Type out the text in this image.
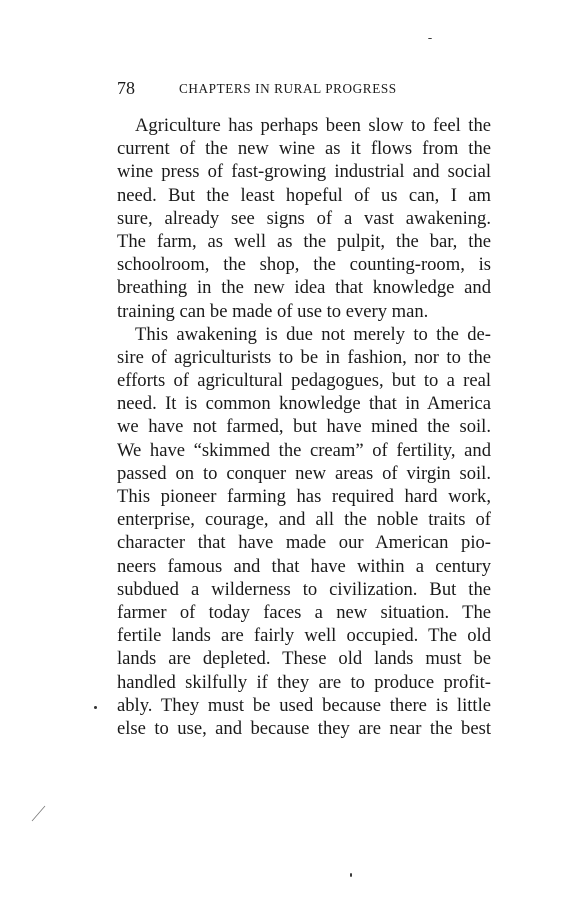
78	CHAPTERS IN RURAL PROGRESS
Agriculture has perhaps been slow to feel the
current of the new wine as it flows from the
wine press of fast-growing industrial and social
need. But the least hopeful of us can, I am
sure, already see signs of a vast awakening.
The farm, as well as the pulpit, the bar, the
schoolroom, the shop, the counting-room, is
breathing in the new idea that knowledge and
training can be made of use to every man.
This awakening is due not merely to the de-
sire of agriculturists to be in fashion, nor to the
efforts of agricultural pedagogues, but to a real
need. It is common knowledge that in America
we have not farmed, but have mined the soil.
We have “skimmed the cream” of fertility, and
passed on to conquer new areas of virgin soil.
This pioneer farming has required hard work,
enterprise, courage, and all the noble traits of
character that have made our American pio-
neers famous and that have within a century
subdued a wilderness to civilization. But the
farmer of today faces a new situation. The
fertile lands are fairly well occupied. The old
lands are depleted. These old lands must be
handled skilfully if they are to produce profit-
ably. They must be used because there is little
else to use, and because they are near the best
